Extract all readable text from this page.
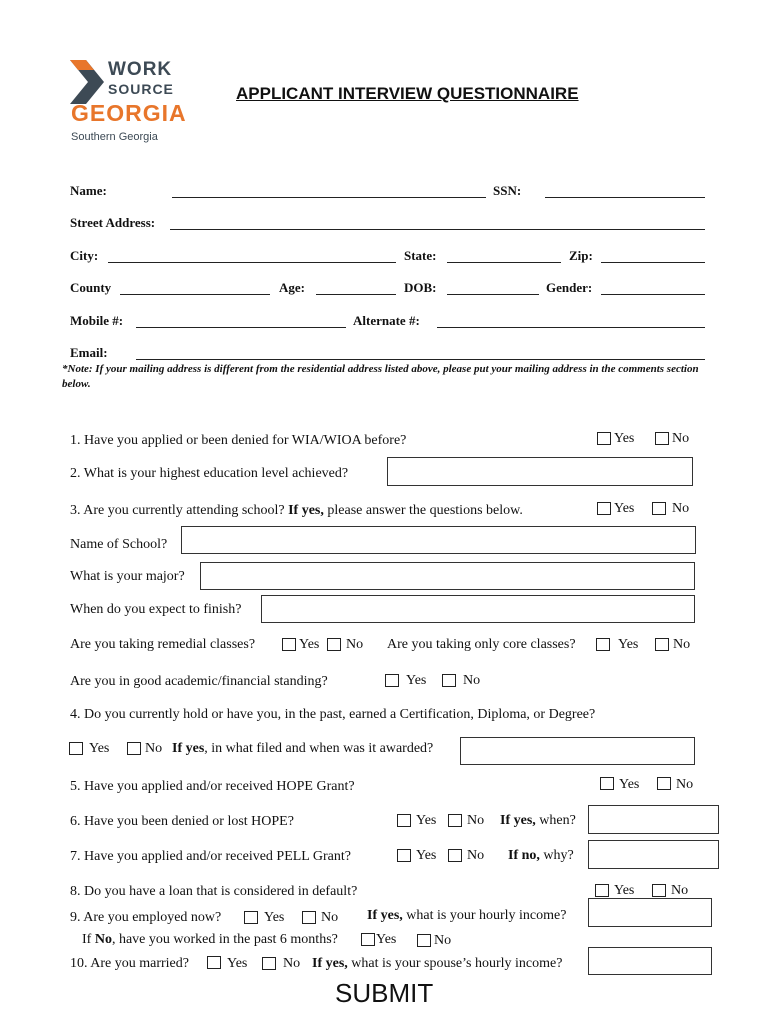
WORK
SOURCE
GEORGIA
Southern Georgia
APPLICANT INTERVIEW QUESTIONNAIRE
Name:	SSN:
Street Address:
City:	State:	Zip:
County	Age:	DOB:	Gender:
Mobile #:	Alternate #:
Email:
*Note: If your mailing address is different from the residential address listed above, please put your mailing address in the comments section below.
1. Have you applied or been denied for WIA/WIOA before?	Yes	No
2. What is your highest education level achieved?
3. Are you currently attending school? If yes, please answer the questions below.	Yes	No
Name of School?
What is your major?
When do you expect to finish?
Are you taking remedial classes?	Yes No Are you taking only core classes?	Yes No
Are you in good academic/financial standing?	Yes	No
4. Do you currently hold or have you, in the past, earned a Certification, Diploma, or Degree?
Yes	No If yes, in what filed and when was it awarded?
5. Have you applied and/or received HOPE Grant?	Yes	No
6. Have you been denied or lost HOPE?	Yes No If yes, when?
7. Have you applied and/or received PELL Grant?	Yes No If no, why?
8. Do you have a loan that is considered in default?	Yes	No
9. Are you employed now?	Yes	No If yes, what is your hourly income?
If No, have you worked in the past 6 months?	Yes	No
10. Are you married?	Yes	No If yes, what is your spouse’s hourly income?
SUBMIT
